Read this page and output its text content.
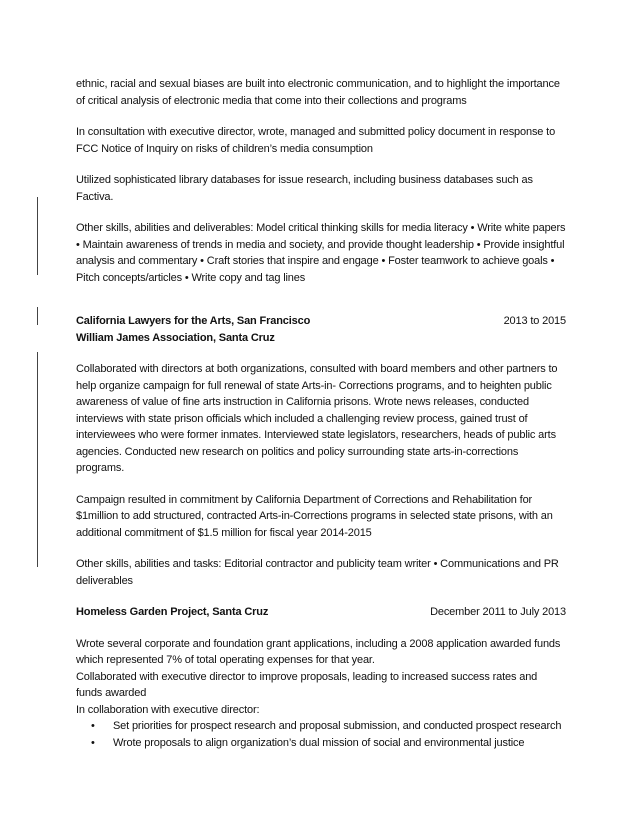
ethnic, racial and sexual biases are built into electronic communication, and to highlight the importance of critical analysis of electronic media that come into their collections and programs

In consultation with executive director, wrote, managed and submitted policy document in response to FCC Notice of Inquiry on risks of children’s media consumption

Utilized sophisticated library databases for issue research, including business databases such as Factiva.

Other skills, abilities and deliverables: Model critical thinking skills for media literacy • Write white papers • Maintain awareness of trends in media and society, and provide thought leadership • Provide insightful analysis and commentary • Craft stories that inspire and engage • Foster teamwork to achieve goals • Pitch concepts/articles • Write copy and tag lines

California Lawyers for the Arts, San Francisco	2013 to 2015

William James Association, Santa Cruz

Collaborated with directors at both organizations, consulted with board members and other partners to help organize campaign for full renewal of state Arts-in- Corrections programs, and to heighten public awareness of value of fine arts instruction in California prisons. Wrote news releases, conducted interviews with state prison officials which included a challenging review process, gained trust of interviewees who were former inmates. Interviewed state legislators, researchers, heads of public arts agencies. Conducted new research on politics and policy surrounding state arts-in-corrections programs.

Campaign resulted in commitment by California Department of Corrections and Rehabilitation for $1million to add structured, contracted Arts-in-Corrections programs in selected state prisons, with an additional commitment of $1.5 million for fiscal year 2014-2015

Other skills, abilities and tasks: Editorial contractor and publicity team writer • Communications and PR deliverables

Homeless Garden Project, Santa Cruz	December 2011 to July 2013

Wrote several corporate and foundation grant applications, including a 2008 application awarded funds which represented 7% of total operating expenses for that year.

Collaborated with executive director to improve proposals, leading to increased success rates and funds awarded

In collaboration with executive director:

• Set priorities for prospect research and proposal submission, and conducted prospect research
• Wrote proposals to align organization’s dual mission of social and environmental justice
